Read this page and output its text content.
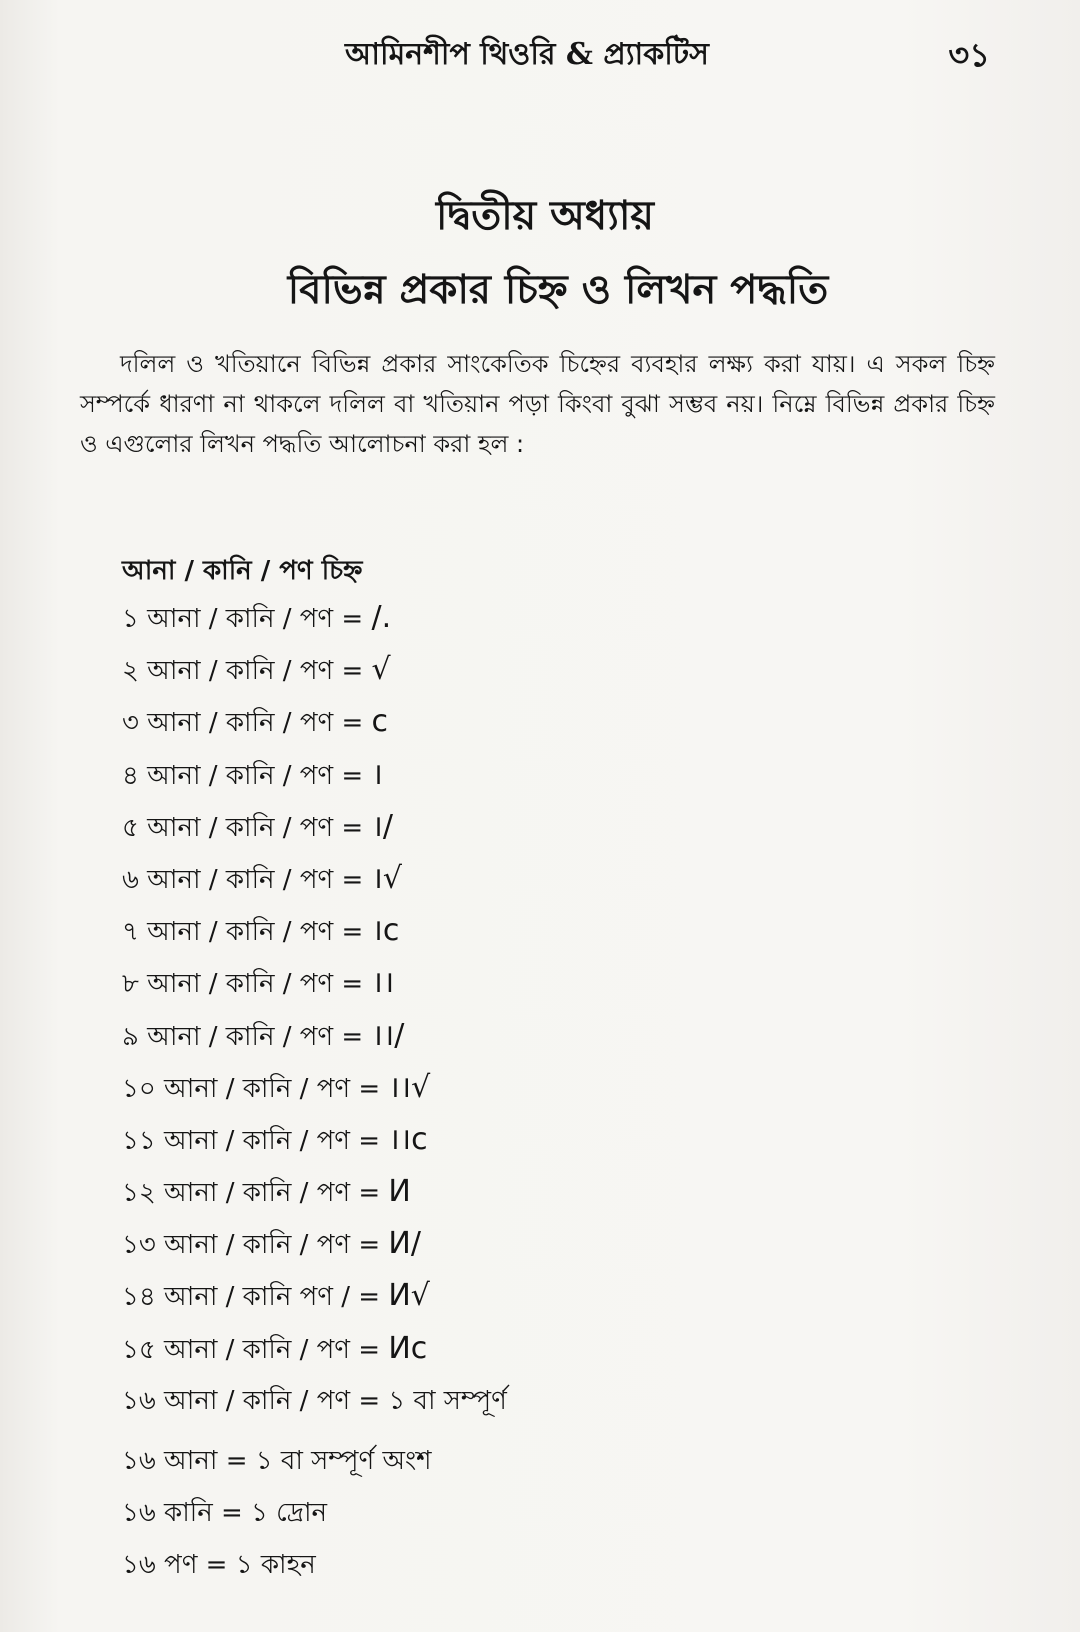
আমিনশীপ থিওরি & প্র্যাকটিস	৩১
দ্বিতীয় অধ্যায়
বিভিন্ন প্রকার চিহ্ন ও লিখন পদ্ধতি

দলিল ও খতিয়ানে বিভিন্ন প্রকার সাংকেতিক চিহ্নের ব্যবহার লক্ষ্য করা যায়। এ সকল চিহ্ন সম্পর্কে ধারণা না থাকলে দলিল বা খতিয়ান পড়া কিংবা বুঝা সম্ভব নয়। নিম্নে বিভিন্ন প্রকার চিহ্ন ও এগুলোর লিখন পদ্ধতি আলোচনা করা হল :

আনা / কানি / পণ চিহ্ন
১ আনা / কানি / পণ = /.
২ আনা / কানি / পণ = √
৩ আনা / কানি / পণ = c
৪ আনা / কানি / পণ = ।
৫ আনা / কানি / পণ = ।/
৬ আনা / কানি / পণ = ।√
৭ আনা / কানি / পণ = ।c
৮ আনা / কানি / পণ = ।।
৯ আনা / কানি / পণ = ।।/
১০ আনা / কানি / পণ = ।।√
১১ আনা / কানি / পণ = ।।c
১২ আনা / কানি / পণ = И
১৩ আনা / কানি / পণ = И/
১৪ আনা / কানি পণ / = И√
১৫ আনা / কানি / পণ = Иc
১৬ আনা / কানি / পণ = ১ বা সম্পূর্ণ
১৬ আনা = ১ বা সম্পূর্ণ অংশ
১৬ কানি = ১ দ্রোন
১৬ পণ = ১ কাহন
